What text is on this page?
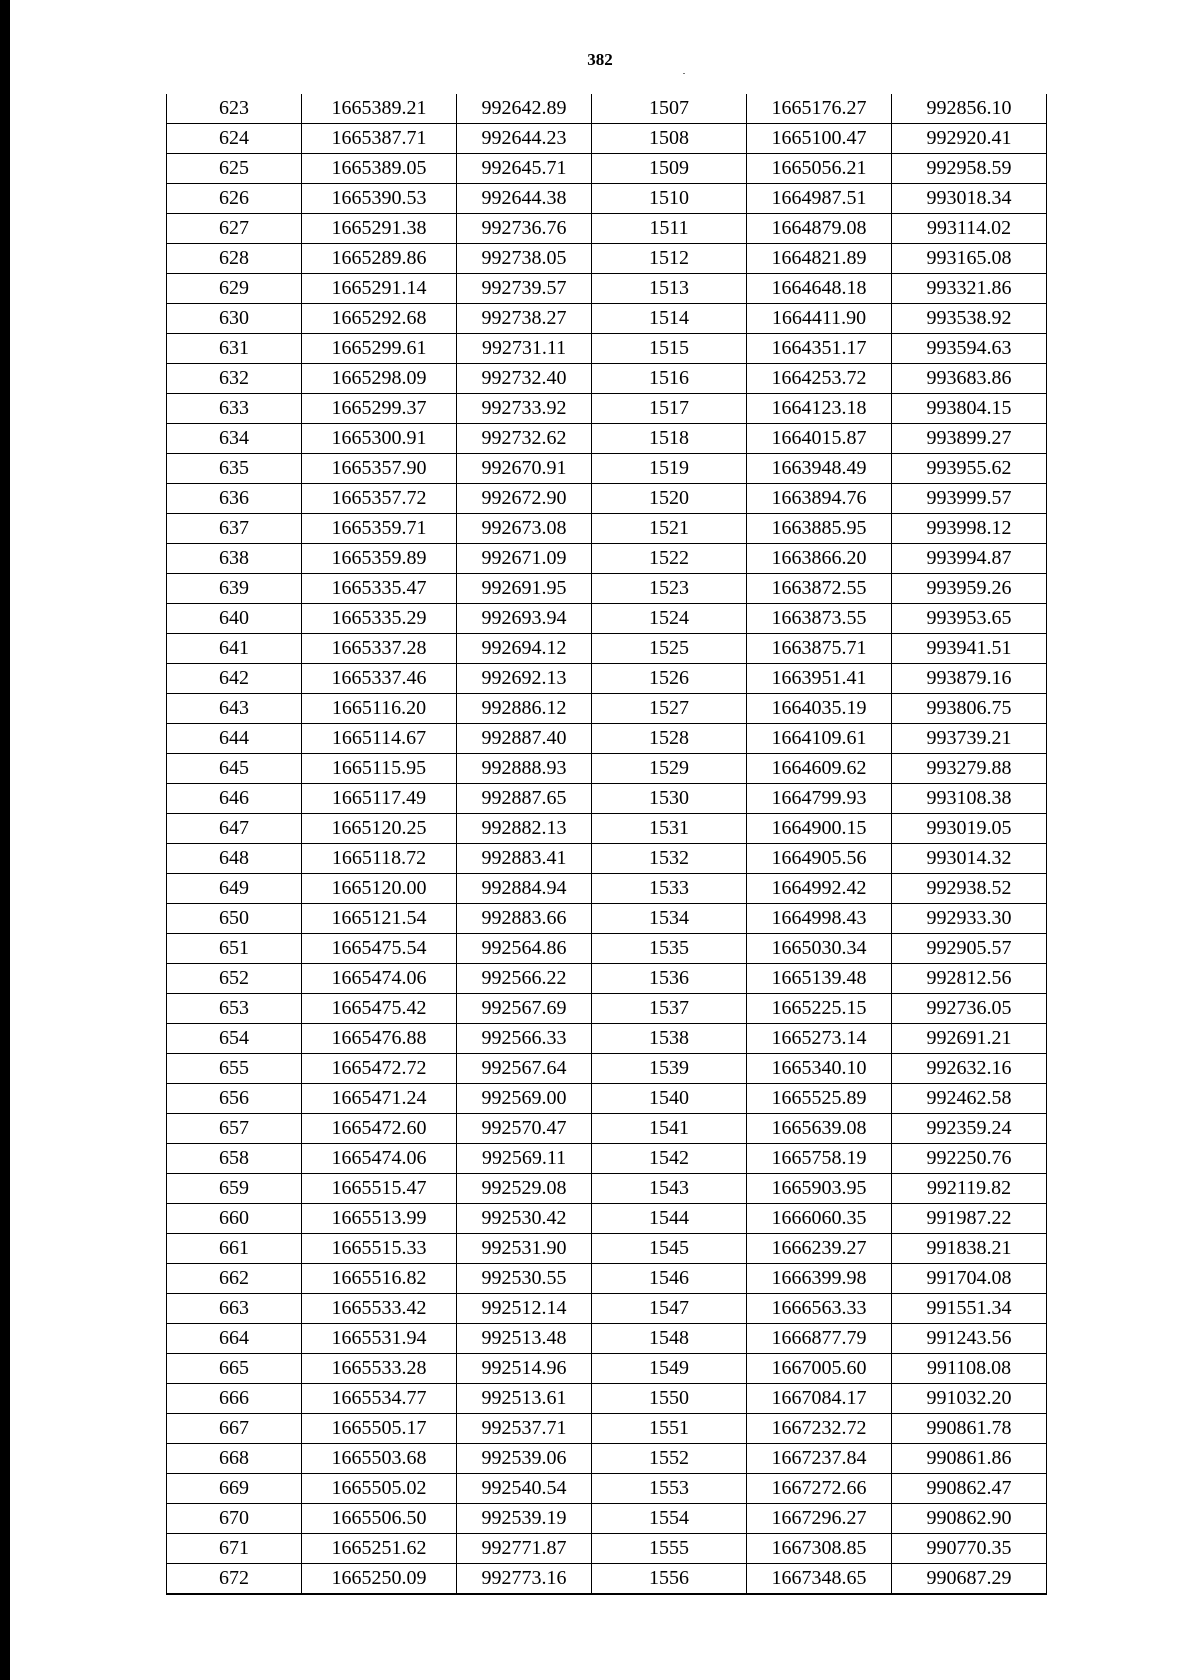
382
623	1665389.21	992642.89	1507	1665176.27	992856.10
624	1665387.71	992644.23	1508	1665100.47	992920.41
625	1665389.05	992645.71	1509	1665056.21	992958.59
626	1665390.53	992644.38	1510	1664987.51	993018.34
627	1665291.38	992736.76	1511	1664879.08	993114.02
628	1665289.86	992738.05	1512	1664821.89	993165.08
629	1665291.14	992739.57	1513	1664648.18	993321.86
630	1665292.68	992738.27	1514	1664411.90	993538.92
631	1665299.61	992731.11	1515	1664351.17	993594.63
632	1665298.09	992732.40	1516	1664253.72	993683.86
633	1665299.37	992733.92	1517	1664123.18	993804.15
634	1665300.91	992732.62	1518	1664015.87	993899.27
635	1665357.90	992670.91	1519	1663948.49	993955.62
636	1665357.72	992672.90	1520	1663894.76	993999.57
637	1665359.71	992673.08	1521	1663885.95	993998.12
638	1665359.89	992671.09	1522	1663866.20	993994.87
639	1665335.47	992691.95	1523	1663872.55	993959.26
640	1665335.29	992693.94	1524	1663873.55	993953.65
641	1665337.28	992694.12	1525	1663875.71	993941.51
642	1665337.46	992692.13	1526	1663951.41	993879.16
643	1665116.20	992886.12	1527	1664035.19	993806.75
644	1665114.67	992887.40	1528	1664109.61	993739.21
645	1665115.95	992888.93	1529	1664609.62	993279.88
646	1665117.49	992887.65	1530	1664799.93	993108.38
647	1665120.25	992882.13	1531	1664900.15	993019.05
648	1665118.72	992883.41	1532	1664905.56	993014.32
649	1665120.00	992884.94	1533	1664992.42	992938.52
650	1665121.54	992883.66	1534	1664998.43	992933.30
651	1665475.54	992564.86	1535	1665030.34	992905.57
652	1665474.06	992566.22	1536	1665139.48	992812.56
653	1665475.42	992567.69	1537	1665225.15	992736.05
654	1665476.88	992566.33	1538	1665273.14	992691.21
655	1665472.72	992567.64	1539	1665340.10	992632.16
656	1665471.24	992569.00	1540	1665525.89	992462.58
657	1665472.60	992570.47	1541	1665639.08	992359.24
658	1665474.06	992569.11	1542	1665758.19	992250.76
659	1665515.47	992529.08	1543	1665903.95	992119.82
660	1665513.99	992530.42	1544	1666060.35	991987.22
661	1665515.33	992531.90	1545	1666239.27	991838.21
662	1665516.82	992530.55	1546	1666399.98	991704.08
663	1665533.42	992512.14	1547	1666563.33	991551.34
664	1665531.94	992513.48	1548	1666877.79	991243.56
665	1665533.28	992514.96	1549	1667005.60	991108.08
666	1665534.77	992513.61	1550	1667084.17	991032.20
667	1665505.17	992537.71	1551	1667232.72	990861.78
668	1665503.68	992539.06	1552	1667237.84	990861.86
669	1665505.02	992540.54	1553	1667272.66	990862.47
670	1665506.50	992539.19	1554	1667296.27	990862.90
671	1665251.62	992771.87	1555	1667308.85	990770.35
672	1665250.09	992773.16	1556	1667348.65	990687.29
